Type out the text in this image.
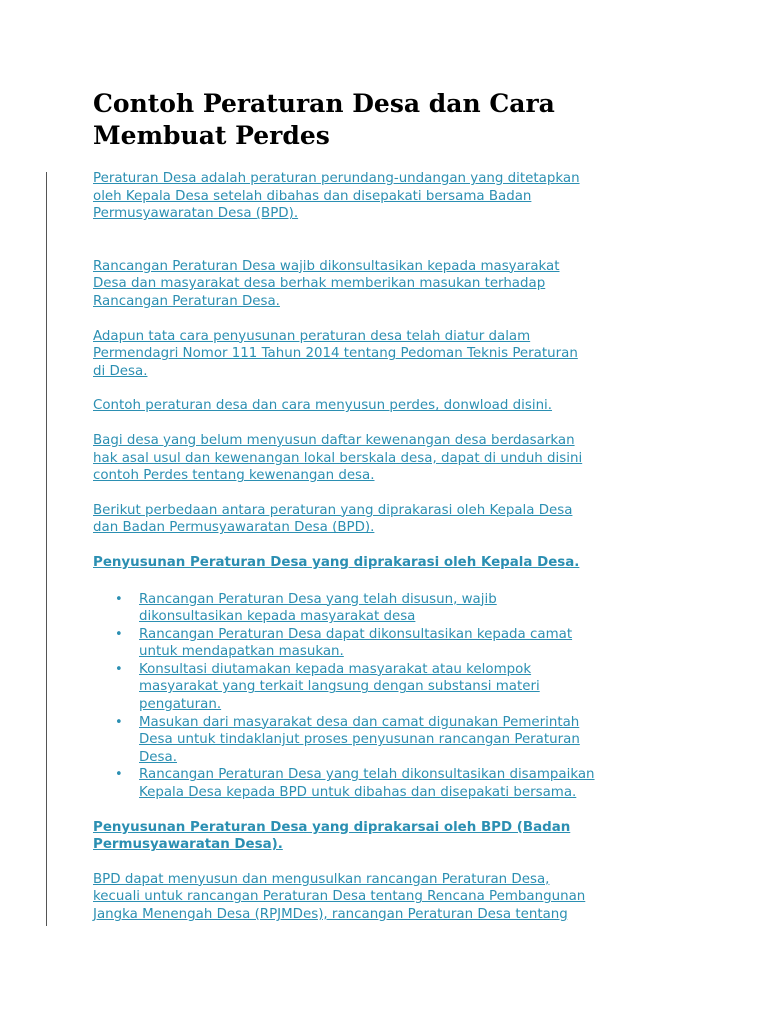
Contoh Peraturan Desa dan Cara
Membuat Perdes

Peraturan Desa adalah peraturan perundang-undangan yang ditetapkan
oleh Kepala Desa setelah dibahas dan disepakati bersama Badan
Permusyawaratan Desa (BPD).

Rancangan Peraturan Desa wajib dikonsultasikan kepada masyarakat
Desa dan masyarakat desa berhak memberikan masukan terhadap
Rancangan Peraturan Desa.

Adapun tata cara penyusunan peraturan desa telah diatur dalam
Permendagri Nomor 111 Tahun 2014 tentang Pedoman Teknis Peraturan
di Desa.

Contoh peraturan desa dan cara menyusun perdes, donwload disini.

Bagi desa yang belum menyusun daftar kewenangan desa berdasarkan
hak asal usul dan kewenangan lokal berskala desa, dapat di unduh disini
contoh Perdes tentang kewenangan desa.

Berikut perbedaan antara peraturan yang diprakarasi oleh Kepala Desa
dan Badan Permusyawaratan Desa (BPD).

Penyusunan Peraturan Desa yang diprakarasi oleh Kepala Desa.

• Rancangan Peraturan Desa yang telah disusun, wajib
dikonsultasikan kepada masyarakat desa
• Rancangan Peraturan Desa dapat dikonsultasikan kepada camat
untuk mendapatkan masukan.
• Konsultasi diutamakan kepada masyarakat atau kelompok
masyarakat yang terkait langsung dengan substansi materi
pengaturan.
• Masukan dari masyarakat desa dan camat digunakan Pemerintah
Desa untuk tindaklanjut proses penyusunan rancangan Peraturan
Desa.
• Rancangan Peraturan Desa yang telah dikonsultasikan disampaikan
Kepala Desa kepada BPD untuk dibahas dan disepakati bersama.

Penyusunan Peraturan Desa yang diprakarsai oleh BPD (Badan
Permusyawaratan Desa).

BPD dapat menyusun dan mengusulkan rancangan Peraturan Desa,
kecuali untuk rancangan Peraturan Desa tentang Rencana Pembangunan
Jangka Menengah Desa (RPJMDes), rancangan Peraturan Desa tentang
